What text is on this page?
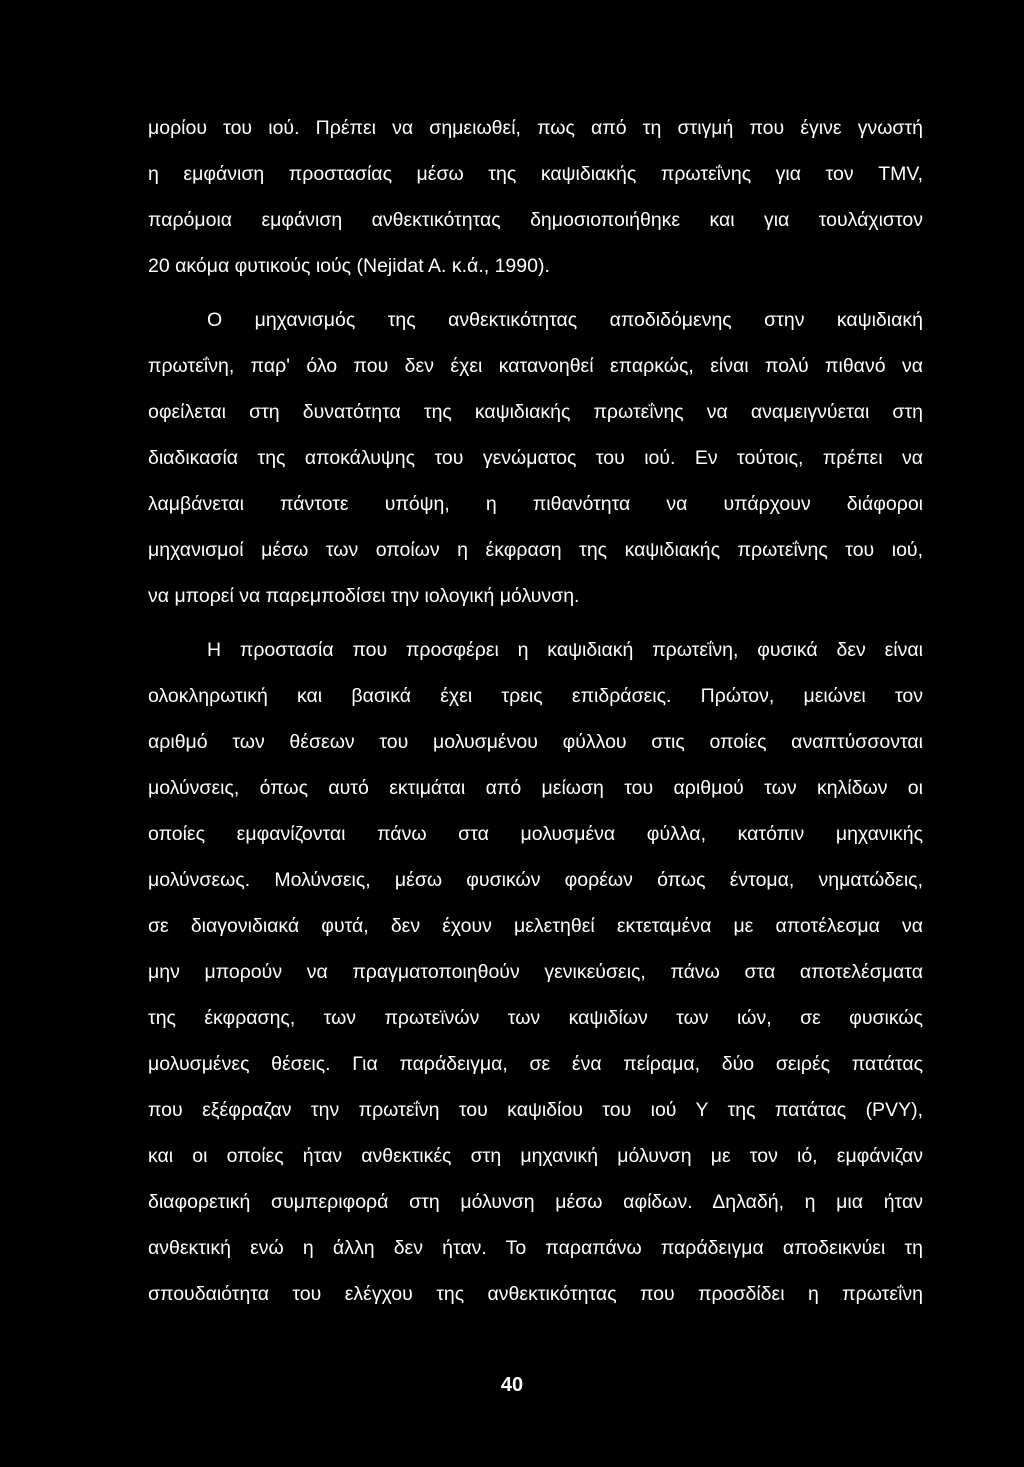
μορίου του ιού. Πρέπει να σημειωθεί, πως από τη στιγμή που έγινε γνωστή
η εμφάνιση προστασίας μέσω της καψιδιακής πρωτεΐνης για τον TMV,
παρόμοια εμφάνιση ανθεκτικότητας δημοσιοποιήθηκε και για τουλάχιστον
20 ακόμα φυτικούς ιούς (Nejidat A. κ.ά., 1990).
Ο μηχανισμός της ανθεκτικότητας αποδιδόμενης στην καψιδιακή
πρωτεΐνη, παρ' όλο που δεν έχει κατανοηθεί επαρκώς, είναι πολύ πιθανό να
οφείλεται στη δυνατότητα της καψιδιακής πρωτεΐνης να αναμειγνύεται στη
διαδικασία της αποκάλυψης του γενώματος του ιού. Εν τούτοις, πρέπει να
λαμβάνεται πάντοτε υπόψη, η πιθανότητα να υπάρχουν διάφοροι
μηχανισμοί μέσω των οποίων η έκφραση της καψιδιακής πρωτεΐνης του ιού,
να μπορεί να παρεμποδίσει την ιολογική μόλυνση.
Η προστασία που προσφέρει η καψιδιακή πρωτεΐνη, φυσικά δεν είναι
ολοκληρωτική και βασικά έχει τρεις επιδράσεις. Πρώτον, μειώνει τον
αριθμό των θέσεων του μολυσμένου φύλλου στις οποίες αναπτύσσονται
μολύνσεις, όπως αυτό εκτιμάται από μείωση του αριθμού των κηλίδων οι
οποίες εμφανίζονται πάνω στα μολυσμένα φύλλα, κατόπιν μηχανικής
μολύνσεως. Μολύνσεις, μέσω φυσικών φορέων όπως έντομα, νηματώδεις,
σε διαγονιδιακά φυτά, δεν έχουν μελετηθεί εκτεταμένα με αποτέλεσμα να
μην μπορούν να πραγματοποιηθούν γενικεύσεις, πάνω στα αποτελέσματα
της έκφρασης, των πρωτεϊνών των καψιδίων των ιών, σε φυσικώς
μολυσμένες θέσεις. Για παράδειγμα, σε ένα πείραμα, δύο σειρές πατάτας
που εξέφραζαν την πρωτεΐνη του καψιδίου του ιού Υ της πατάτας (PVY),
και οι οποίες ήταν ανθεκτικές στη μηχανική μόλυνση με τον ιό, εμφάνιζαν
διαφορετική συμπεριφορά στη μόλυνση μέσω αφίδων. Δηλαδή, η μια ήταν
ανθεκτική ενώ η άλλη δεν ήταν. Το παραπάνω παράδειγμα αποδεικνύει τη
σπουδαιότητα του ελέγχου της ανθεκτικότητας που προσδίδει η πρωτεΐνη
40
